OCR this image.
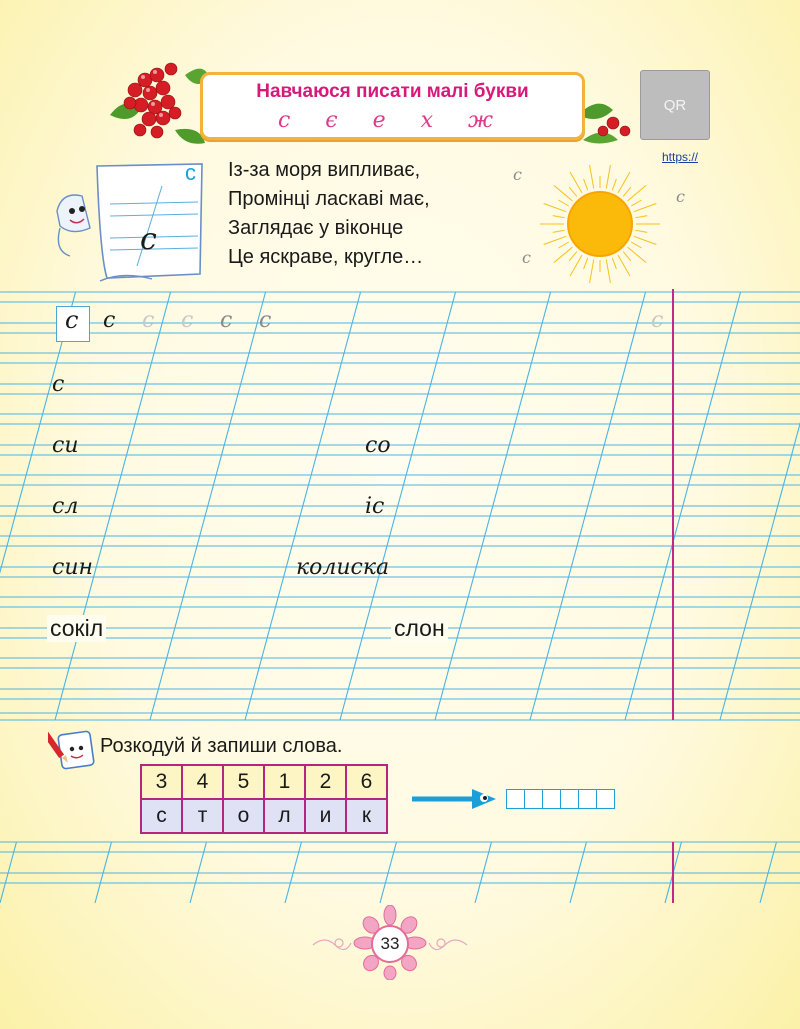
Навчаюся писати малі букви
с є е х ж
QR
https://
с
с
Із-за моря випливає,
Промінці ласкаві має,
Заглядає у віконце
Це яскраве, кругле…
ⅽ
ⅽ
ⅽ
с с с с с с	с
с
си	со
сл	іс
син	колиска
сокіл	слон
Розкодуй й запиши слова.
3	4	5	1	2	6
с	т	о	л	и	к
33
